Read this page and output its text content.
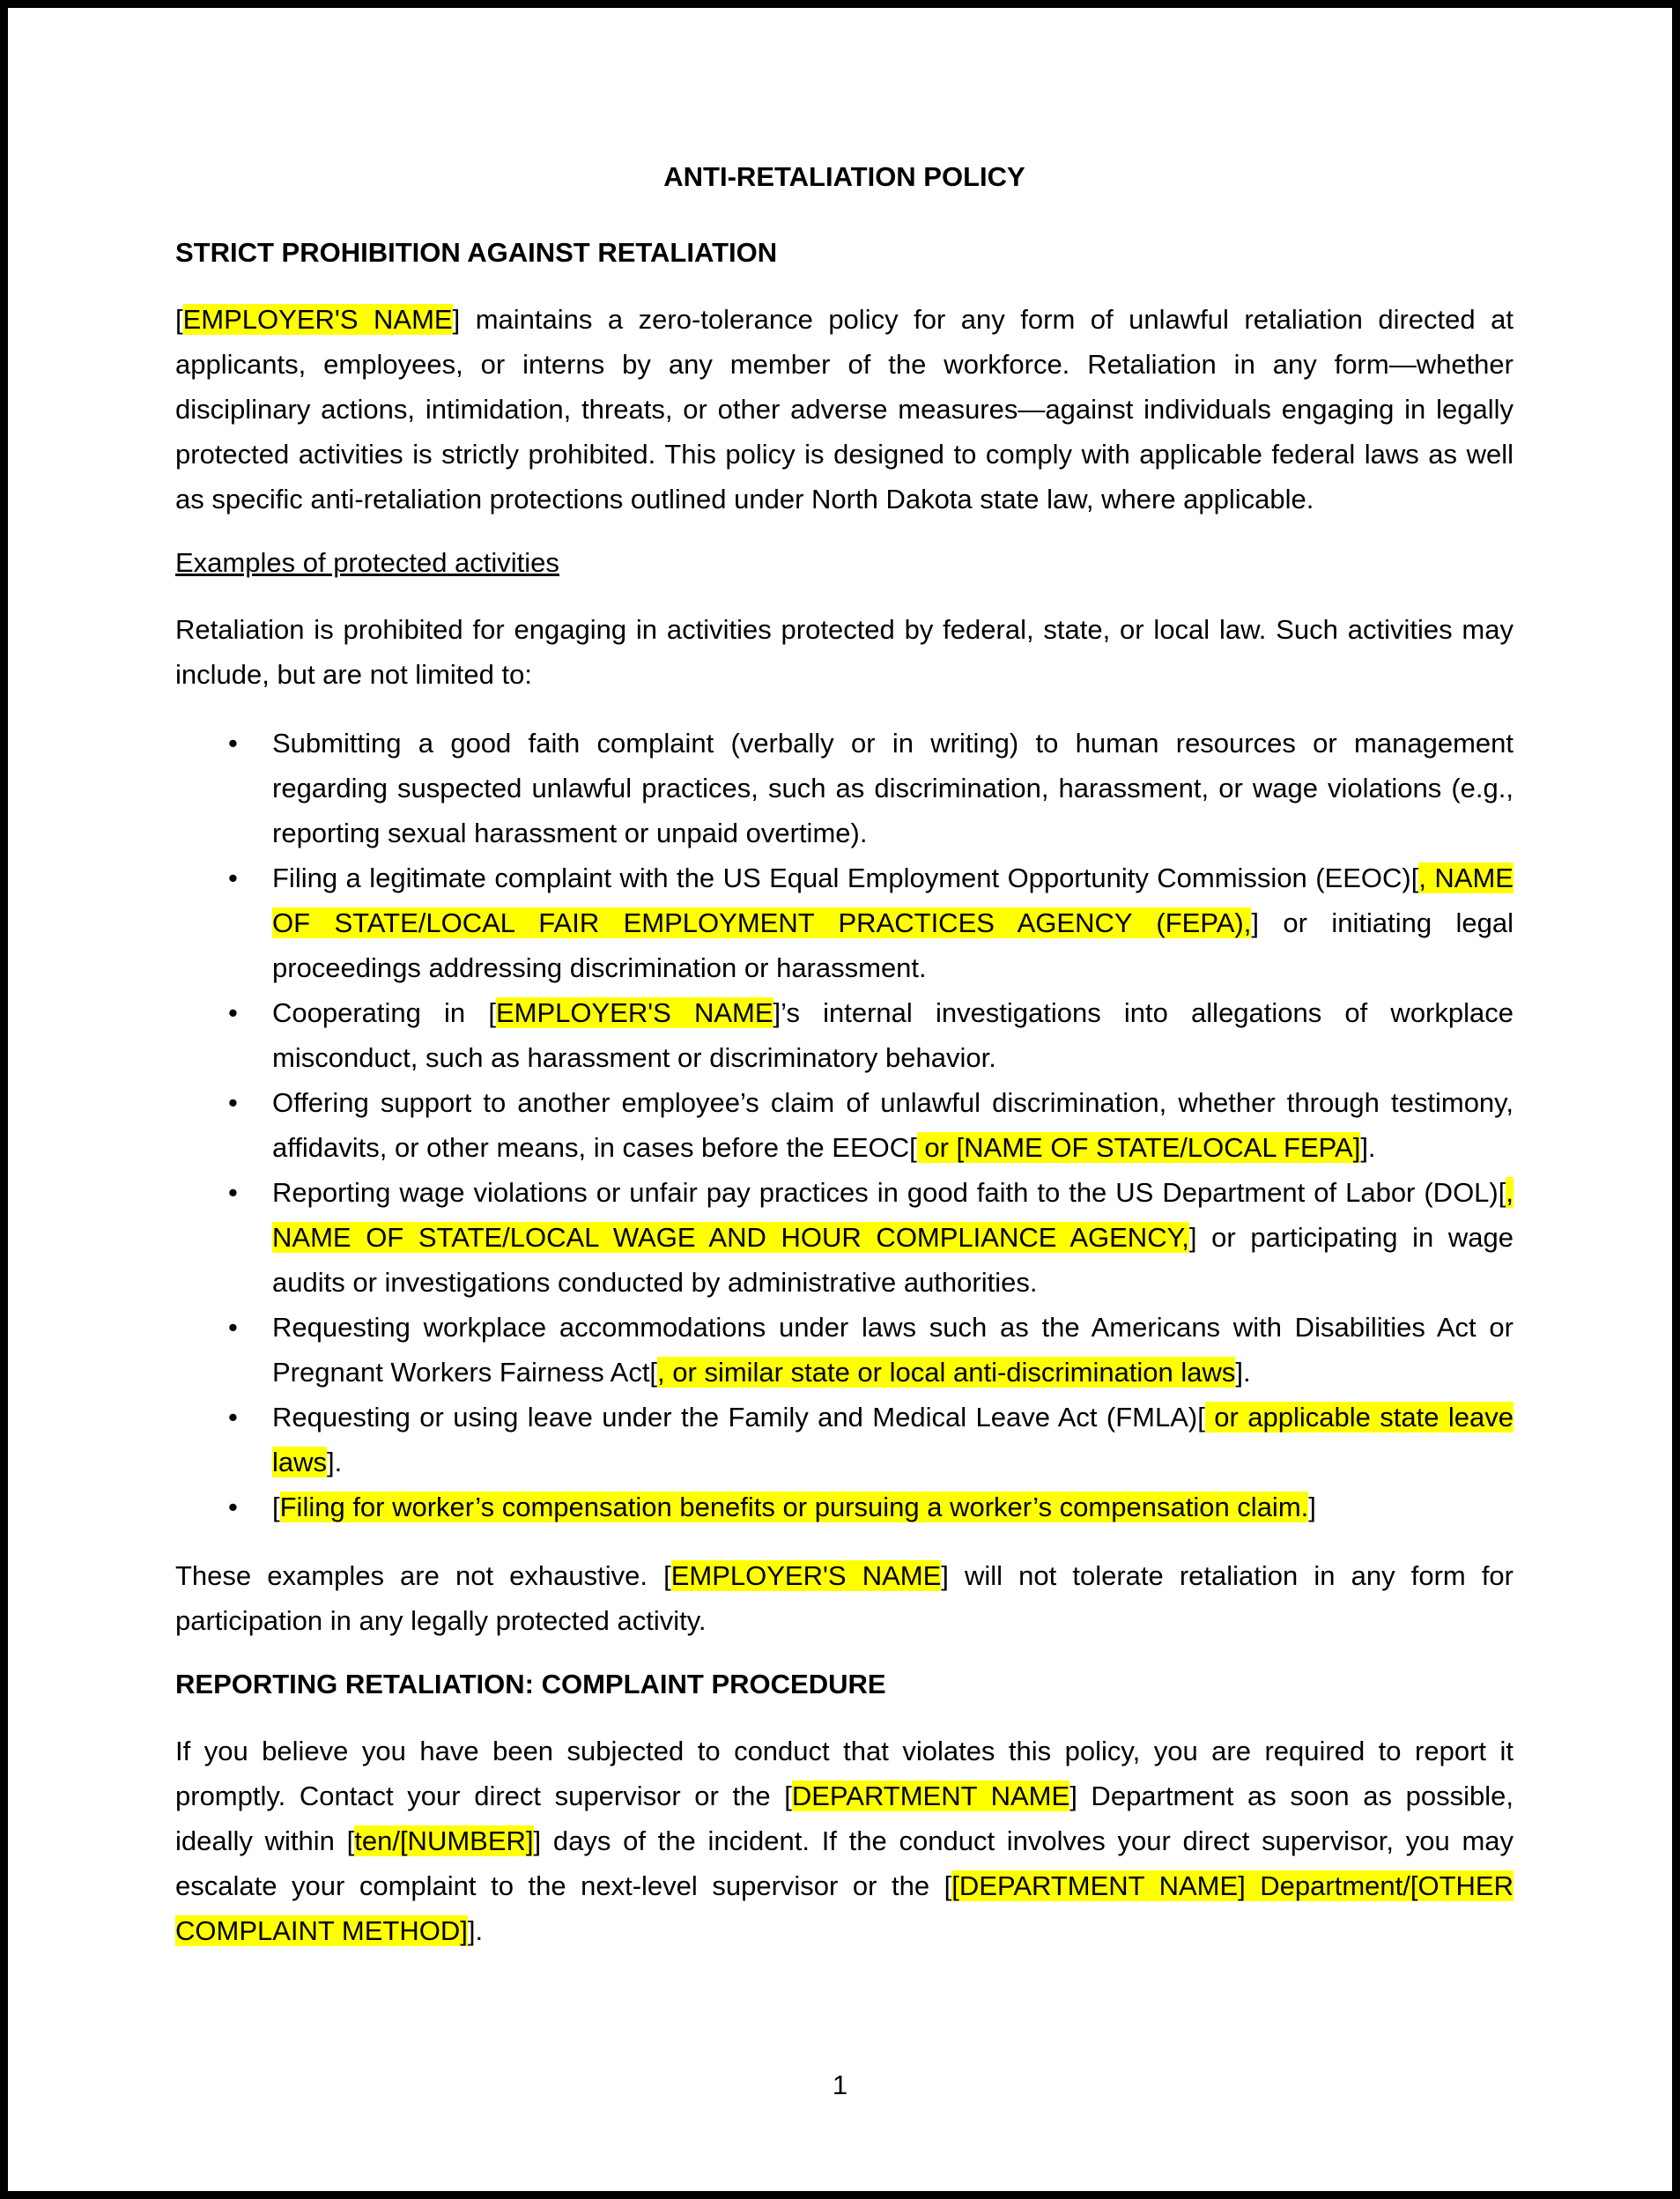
ANTI-RETALIATION POLICY
STRICT PROHIBITION AGAINST RETALIATION

[EMPLOYER'S NAME] maintains a zero-tolerance policy for any form of unlawful retaliation directed at applicants, employees, or interns by any member of the workforce. Retaliation in any form—whether disciplinary actions, intimidation, threats, or other adverse measures—against individuals engaging in legally protected activities is strictly prohibited. This policy is designed to comply with applicable federal laws as well as specific anti-retaliation protections outlined under North Dakota state law, where applicable.

Examples of protected activities

Retaliation is prohibited for engaging in activities protected by federal, state, or local law. Such activities may include, but are not limited to:

• Submitting a good faith complaint (verbally or in writing) to human resources or management regarding suspected unlawful practices, such as discrimination, harassment, or wage violations (e.g., reporting sexual harassment or unpaid overtime).
• Filing a legitimate complaint with the US Equal Employment Opportunity Commission (EEOC)[, NAME OF STATE/LOCAL FAIR EMPLOYMENT PRACTICES AGENCY (FEPA),] or initiating legal proceedings addressing discrimination or harassment.
• Cooperating in [EMPLOYER'S NAME]’s internal investigations into allegations of workplace misconduct, such as harassment or discriminatory behavior.
• Offering support to another employee’s claim of unlawful discrimination, whether through testimony, affidavits, or other means, in cases before the EEOC[ or [NAME OF STATE/LOCAL FEPA]].
• Reporting wage violations or unfair pay practices in good faith to the US Department of Labor (DOL)[, NAME OF STATE/LOCAL WAGE AND HOUR COMPLIANCE AGENCY,] or participating in wage audits or investigations conducted by administrative authorities.
• Requesting workplace accommodations under laws such as the Americans with Disabilities Act or Pregnant Workers Fairness Act[, or similar state or local anti-discrimination laws].
• Requesting or using leave under the Family and Medical Leave Act (FMLA)[ or applicable state leave laws].
• [Filing for worker’s compensation benefits or pursuing a worker’s compensation claim.]

These examples are not exhaustive. [EMPLOYER'S NAME] will not tolerate retaliation in any form for participation in any legally protected activity.

REPORTING RETALIATION: COMPLAINT PROCEDURE

If you believe you have been subjected to conduct that violates this policy, you are required to report it promptly. Contact your direct supervisor or the [DEPARTMENT NAME] Department as soon as possible, ideally within [ten/[NUMBER]] days of the incident. If the conduct involves your direct supervisor, you may escalate your complaint to the next-level supervisor or the [[DEPARTMENT NAME] Department/[OTHER COMPLAINT METHOD]].

1
